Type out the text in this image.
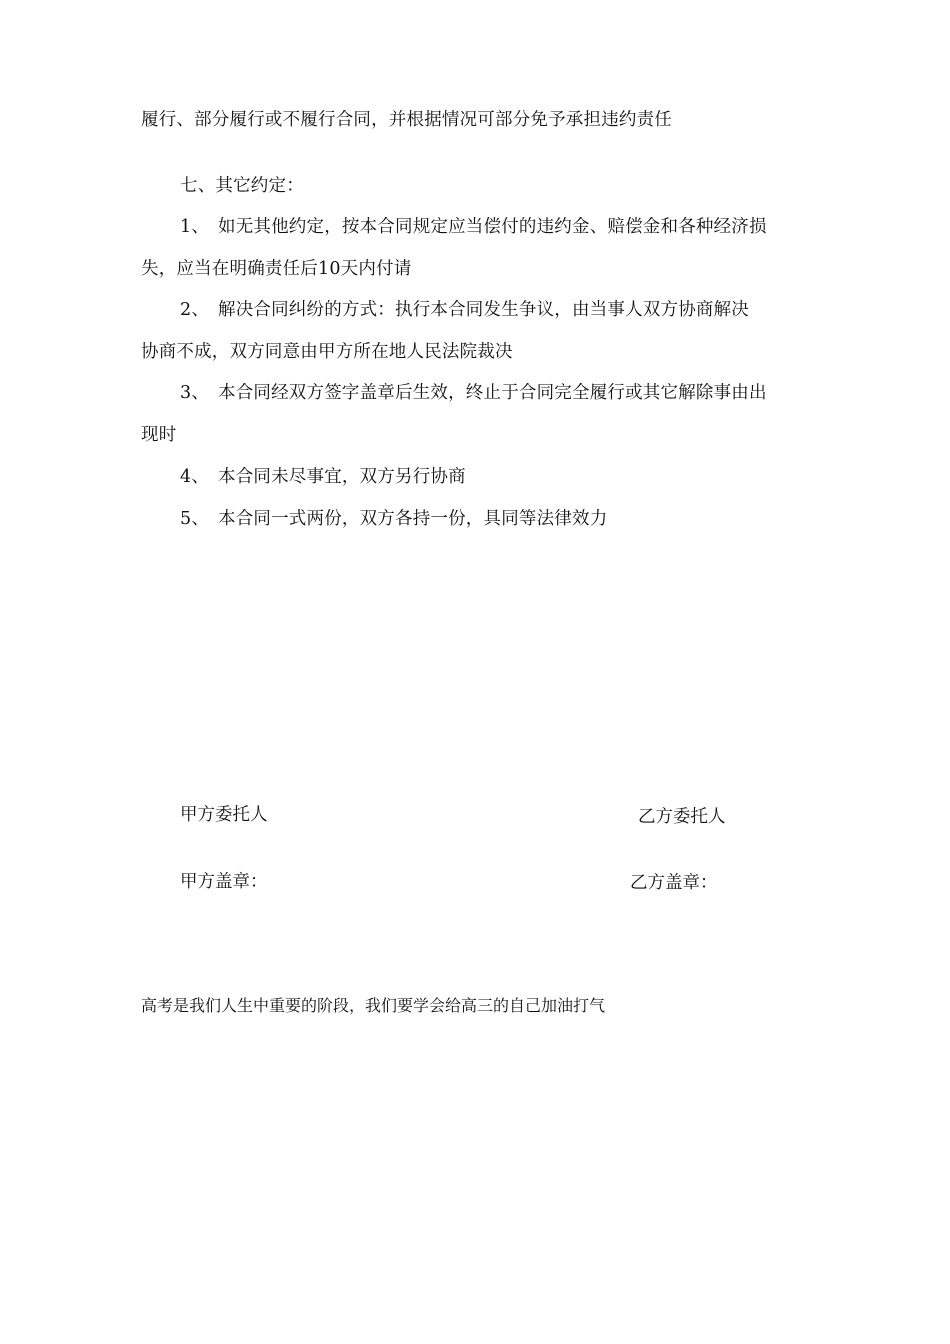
履行、部分履行或不履行合同，并根据情况可部分免予承担违约责任
七、其它约定：
1、 如无其他约定，按本合同规定应当偿付的违约金、赔偿金和各种经济损
失，应当在明确责任后10天内付请
2、 解决合同纠纷的方式：执行本合同发生争议，由当事人双方协商解决
协商不成，双方同意由甲方所在地人民法院裁决
3、 本合同经双方签字盖章后生效，终止于合同完全履行或其它解除事由出
现时
4、 本合同未尽事宜，双方另行协商
5、 本合同一式两份，双方各持一份，具同等法律效力
甲方委托人	乙方委托人
甲方盖章：	乙方盖章：
高考是我们人生中重要的阶段，我们要学会给高三的自己加油打气
